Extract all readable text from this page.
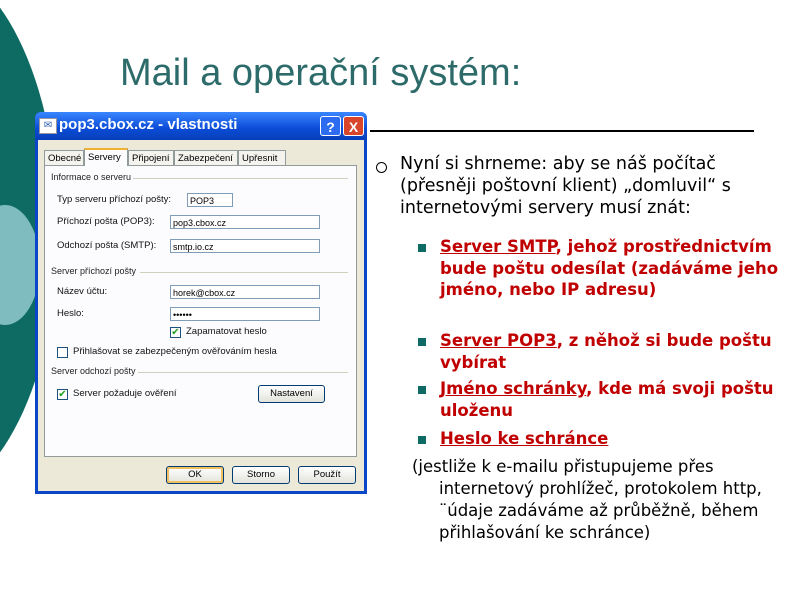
Mail a operační systém:
✉ pop3.cbox.cz - vlastnosti	?	X
Obecné Servery	Připojení Zabezpečení Upřesnit
Informace o serveru
Typ serveru příchozí pošty:	POP3
Příchozí pošta (POP3):	pop3.cbox.cz
Odchozí pošta (SMTP):	smtp.io.cz
Server příchozí pošty
Název účtu:	horek@cbox.cz
Heslo:	••••••
✔ Zapamatovat heslo
Přihlašovat se zabezpečeným ověřováním hesla
Server odchozí pošty
✔ Server požaduje ověření	Nastavení
OK	Storno	Použít
Nyní si shrneme: aby se náš počítač (přesněji poštovní klient) „domluvil“ s internetovými servery musí znát:
Server SMTP, jehož prostřednictvím bude poštu odesílat (zadáváme jeho jméno, nebo IP adresu)
Server POP3, z něhož si bude poštu vybírat
Jméno schránky, kde má svoji poštu uloženu
Heslo ke schránce
(jestliže k e-mailu přistupujeme přes
internetový prohlížeč, protokolem http, ¨údaje zadáváme až průběžně, během přihlašování ke schránce)
